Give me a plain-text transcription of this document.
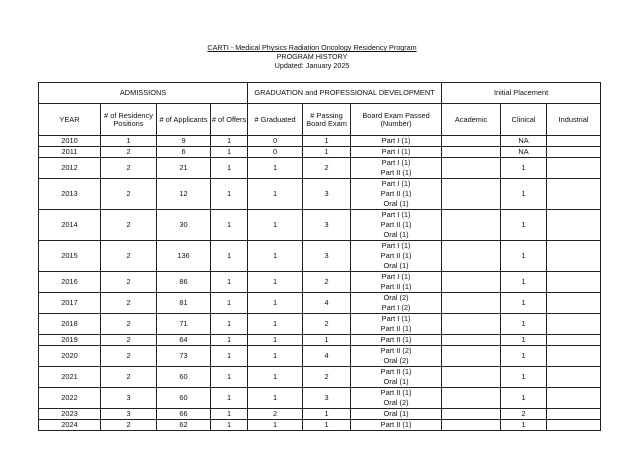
CARTI - Medical Physics Radiation Oncology Residency Program
PROGRAM HISTORY
Updated: January 2025
ADMISSIONS				GRADUATION and PROFESSIONAL DEVELOPMENT			Initial Placement		
YEAR	# of Residency Positions	# of Applicants	# of Offers	# Graduated	# Passing Board Exam	Board Exam Passed (Number)	Academic	Clinical	Industrial

2010	1	9	1	0	1	Part I (1)		NA	

2011	2	6	1	0	1	Part I (1)		NA	

2012	2	21	1	1	2	Part I (1)
Part II (1)		1	

2013	2	12	1	1	3	Part I (1)
Part II (1)
Oral (1)		1	

2014	2	30	1	1	3	Part I (1)
Part II (1)
Oral (1)		1	

2015	2	136	1	1	3	Part I (1)
Part II (1)
Oral (1)		1	

2016	2	86	1	1	2	Part I (1)
Part II (1)		1	

2017	2	81	1	1	4	Oral (2)
Part I (2)		1	

2018	2	71	1	1	2	Part I (1)
Part II (1)		1	

2019	2	64	1	1	1	Part II (1)		1	

2020	2	73	1	1	4	Part II (2)
Oral (2)		1	

2021	2	60	1	1	2	Part II (1)
Oral (1)		1	

2022	3	60	1	1	3	Part II (1)
Oral (2)		1	

2023	3	66	1	2	1	Oral (1)		2	

2024	2	62	1	1	1	Part II (1)		1	
